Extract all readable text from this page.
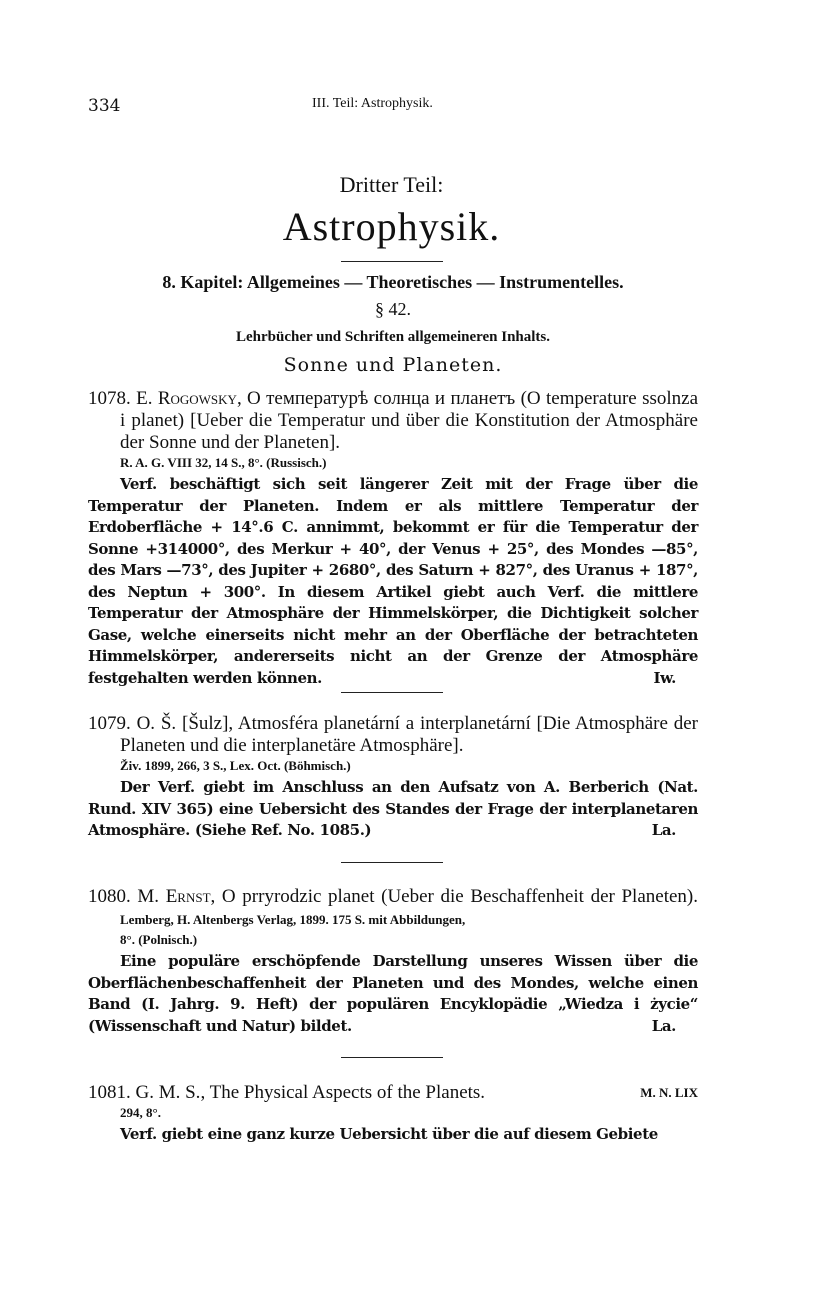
334	III. Teil: Astrophysik.
Dritter Teil:
Astrophysik.
8. Kapitel: Allgemeines — Theoretisches — Instrumentelles.
§ 42.
Lehrbücher und Schriften allgemeineren Inhalts.
Sonne und Planeten.
1078. E. Rogowsky, О температурѣ солнца и планетъ (O temperature ssolnza i planet) [Ueber die Temperatur und über die Konstitution der Atmosphäre der Sonne und der Planeten].
R. A. G. VIII 32, 14 S., 8°. (Russisch.)
Verf. beschäftigt sich seit längerer Zeit mit der Frage über die Temperatur der Planeten. Indem er als mittlere Temperatur der Erdoberfläche + 14°.6 C. annimmt, bekommt er für die Temperatur der Sonne +314000°, des Merkur + 40°, der Venus + 25°, des Mondes —85°, des Mars —73°, des Jupiter + 2680°, des Saturn + 827°, des Uranus + 187°, des Neptun + 300°. In diesem Artikel giebt auch Verf. die mittlere Temperatur der Atmosphäre der Himmelskörper, die Dichtigkeit solcher Gase, welche einerseits nicht mehr an der Oberfläche der betrachteten Himmelskörper, andererseits nicht an der Grenze der Atmosphäre festgehalten werden können.	Iw.
1079. O. Š. [Šulz], Atmosféra planetární a interplanetární [Die Atmosphäre der Planeten und die interplanetäre Atmosphäre].
Živ. 1899, 266, 3 S., Lex. Oct. (Böhmisch.)
Der Verf. giebt im Anschluss an den Aufsatz von A. Berberich (Nat. Rund. XIV 365) eine Uebersicht des Standes der Frage der interplanetaren Atmosphäre. (Siehe Ref. No. 1085.)	La.
1080. M. Ernst, O prryrodzic planet (Ueber die Beschaffenheit der Planeten). Lemberg, H. Altenbergs Verlag, 1899. 175 S. mit Abbildungen,
8°. (Polnisch.)
Eine populäre erschöpfende Darstellung unseres Wissen über die Oberflächenbeschaffenheit der Planeten und des Mondes, welche einen Band (I. Jahrg. 9. Heft) der populären Encyklopädie „Wiedza i życie“ (Wissenschaft und Natur) bildet.	La.
1081. G. M. S., The Physical Aspects of the Planets.	M. N. LIX
294, 8°.
Verf. giebt eine ganz kurze Uebersicht über die auf diesem Gebiete
